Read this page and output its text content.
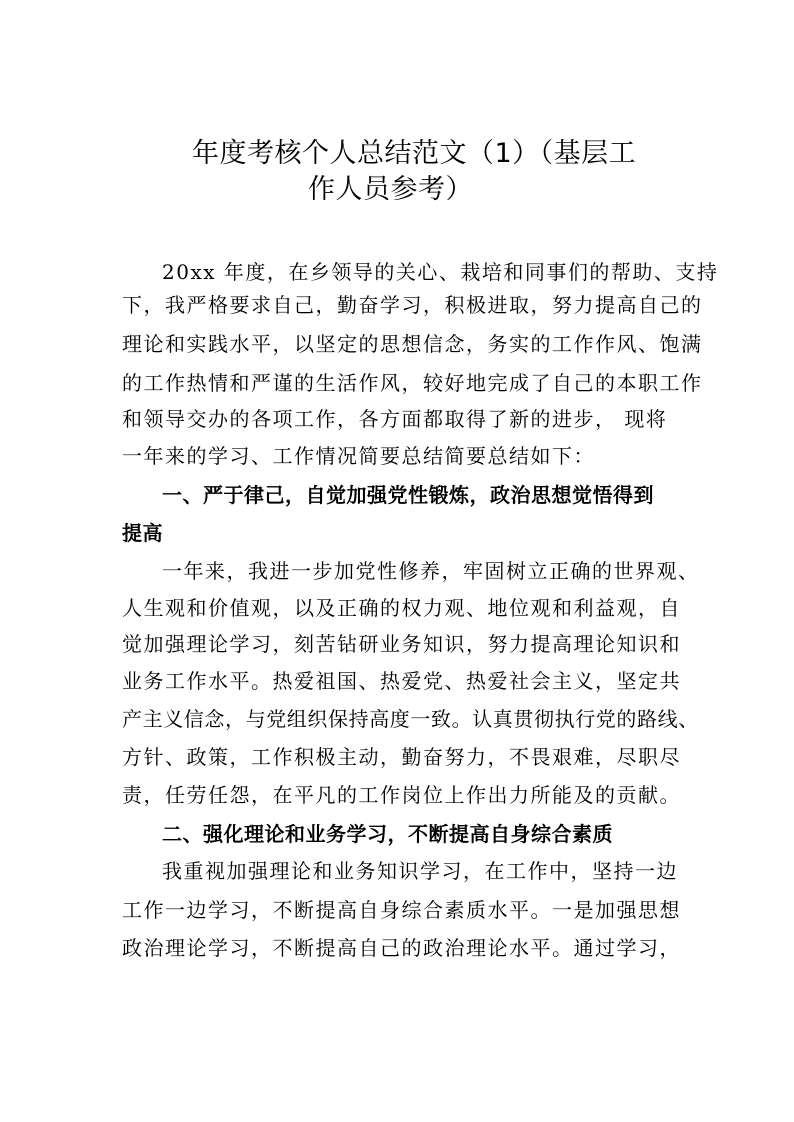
年度考核个人总结范文（1）（基层工
作人员参考）
20xx 年度，在乡领导的关心、栽培和同事们的帮助、支持
下，我严格要求自己，勤奋学习，积极进取，努力提高自己的
理论和实践水平，以坚定的思想信念，务实的工作作风、饱满
的工作热情和严谨的生活作风，较好地完成了自己的本职工作
和领导交办的各项工作，各方面都取得了新的进步， 现将
一年来的学习、工作情况简要总结简要总结如下：
一、严于律己，自觉加强党性锻炼，政治思想觉悟得到
提高
一年来，我进一步加党性修养，牢固树立正确的世界观、
人生观和价值观，以及正确的权力观、地位观和利益观，自
觉加强理论学习，刻苦钻研业务知识，努力提高理论知识和
业务工作水平。热爱祖国、热爱党、热爱社会主义，坚定共
产主义信念，与党组织保持高度一致。认真贯彻执行党的路线、
方针、政策，工作积极主动，勤奋努力，不畏艰难，尽职尽
责，任劳任怨，在平凡的工作岗位上作出力所能及的贡献。
二、强化理论和业务学习，不断提高自身综合素质
我重视加强理论和业务知识学习，在工作中，坚持一边
工作一边学习，不断提高自身综合素质水平。一是加强思想
政治理论学习，不断提高自己的政治理论水平。通过学习，
